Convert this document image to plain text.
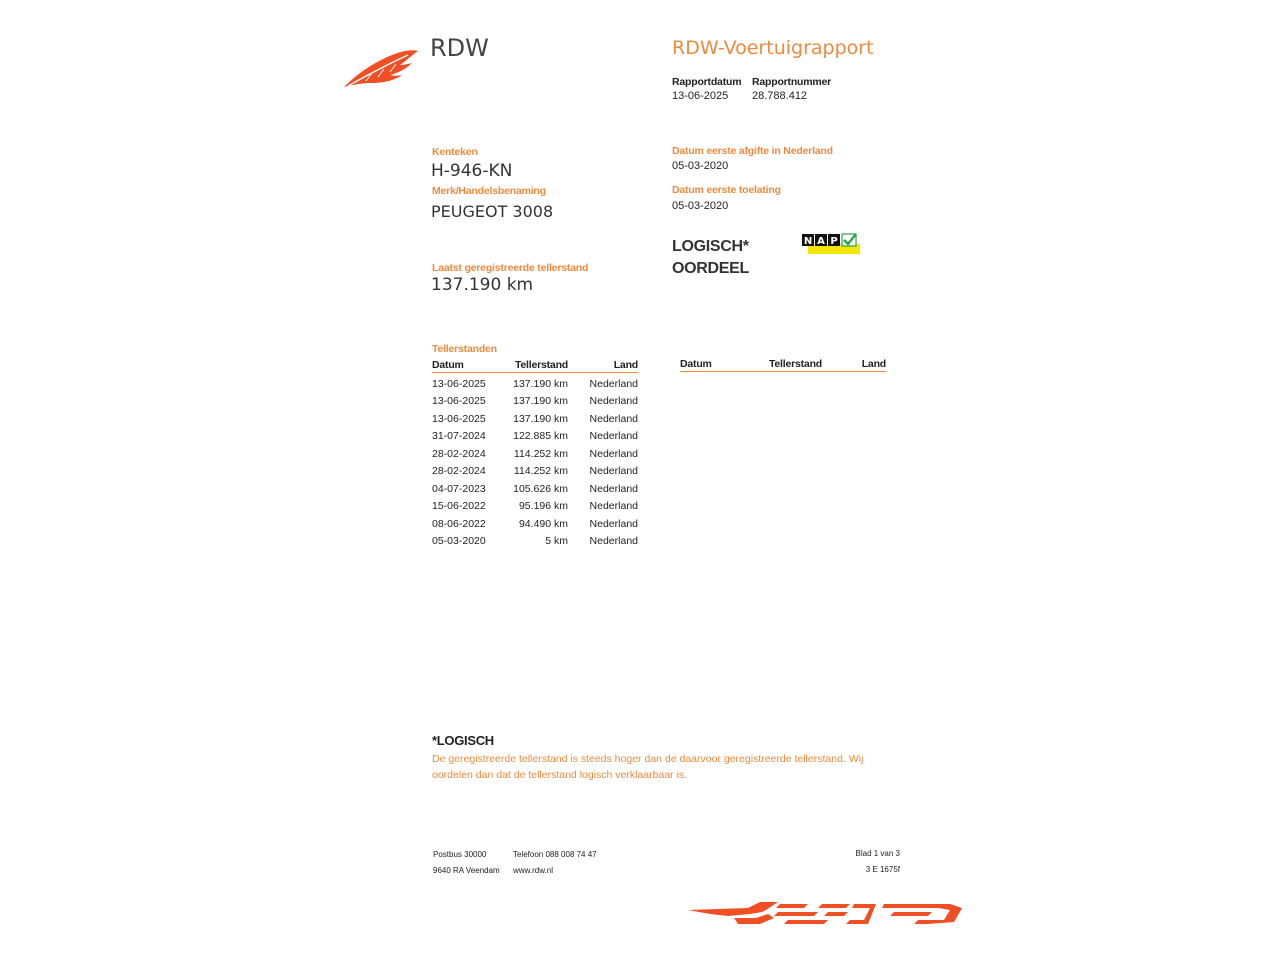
RDW	RDW-Voertuigrapport
Rapportdatum
13-06-2025
Rapportnummer
28.788.412
Kenteken
H-946-KN
Merk/Handelsbenaming
PEUGEOT 3008
Laatst geregistreerde tellerstand
137.190 km
Datum eerste afgifte in Nederland
05-03-2020
Datum eerste toelating
05-03-2020
LOGISCH*
OORDEEL
N A P
Tellerstanden
Datum	Tellerstand	Land
13-06-2025	137.190 km	Nederland
13-06-2025	137.190 km	Nederland
13-06-2025	137.190 km	Nederland
31-07-2024	122.885 km	Nederland
28-02-2024	114.252 km	Nederland
28-02-2024	114.252 km	Nederland
04-07-2023	105.626 km	Nederland
15-06-2022	95.196 km	Nederland
08-06-2022	94.490 km	Nederland
05-03-2020	5 km	Nederland
Datum	Tellerstand	Land
*LOGISCH
De geregistreerde tellerstand is steeds hoger dan de daarvoor geregistreerde tellerstand. Wij oordelen dan dat de tellerstand logisch verklaarbaar is.
Postbus 30000
9640 RA Veendam
Telefoon 088 008 74 47
www.rdw.nl
Blad 1 van 3
3 E 1675f
